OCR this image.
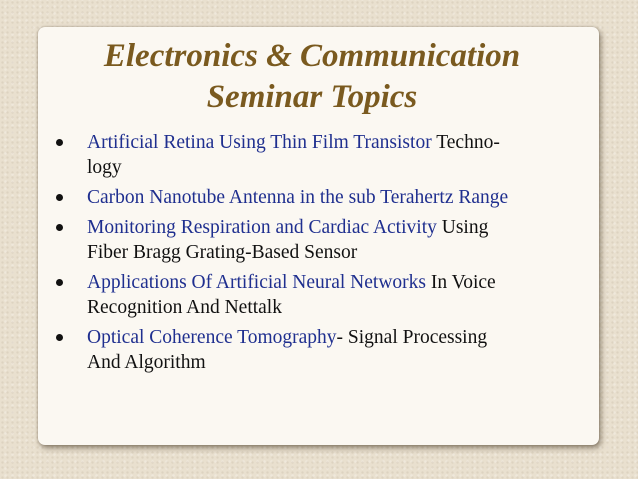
Electronics & Communication
Seminar Topics
Artificial Retina Using Thin Film Transistor Techno-
logy
Carbon Nanotube Antenna in the sub Terahertz Range
Monitoring Respiration and Cardiac Activity Using
Fiber Bragg Grating-Based Sensor
Applications Of Artificial Neural Networks In Voice
Recognition And Nettalk
Optical Coherence Tomography- Signal Processing
And Algorithm
